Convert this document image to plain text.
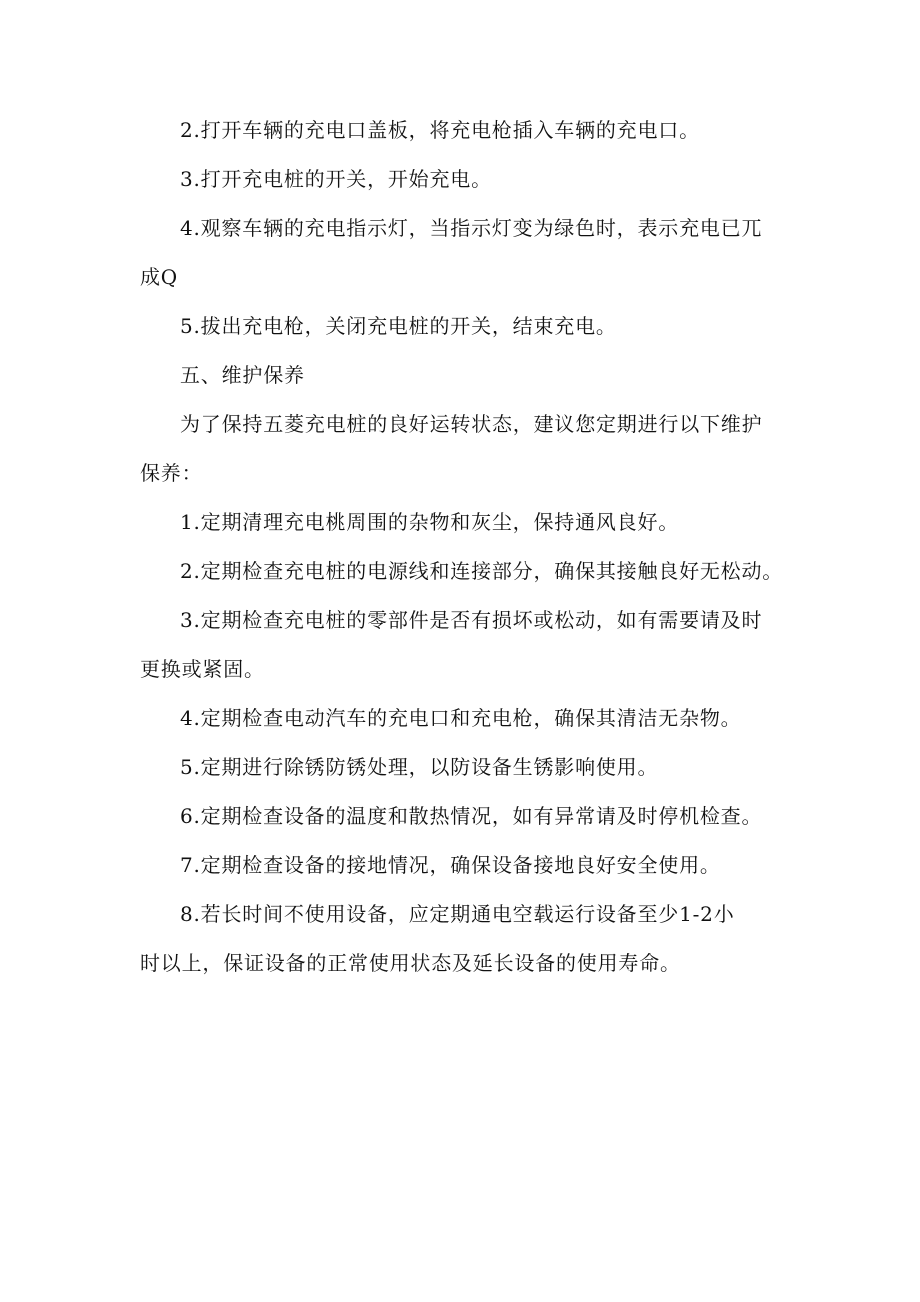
2.打开车辆的充电口盖板，将充电枪插入车辆的充电口。
3.打开充电桩的开关，开始充电。
4.观察车辆的充电指示灯，当指示灯变为绿色时，表示充电已兀
成Q
5.拔出充电枪，关闭充电桩的开关，结束充电。
五、维护保养
为了保持五菱充电桩的良好运转状态，建议您定期进行以下维护
保养：
1.定期清理充电桃周围的杂物和灰尘，保持通风良好。
2.定期检查充电桩的电源线和连接部分，确保其接触良好无松动。
3.定期检查充电桩的零部件是否有损坏或松动，如有需要请及时
更换或紧固。
4.定期检查电动汽车的充电口和充电枪，确保其清洁无杂物。
5.定期进行除锈防锈处理，以防设备生锈影响使用。
6.定期检查设备的温度和散热情况，如有异常请及时停机检查。
7.定期检查设备的接地情况，确保设备接地良好安全使用。
8.若长时间不使用设备，应定期通电空载运行设备至少1-2小
时以上，保证设备的正常使用状态及延长设备的使用寿命。
